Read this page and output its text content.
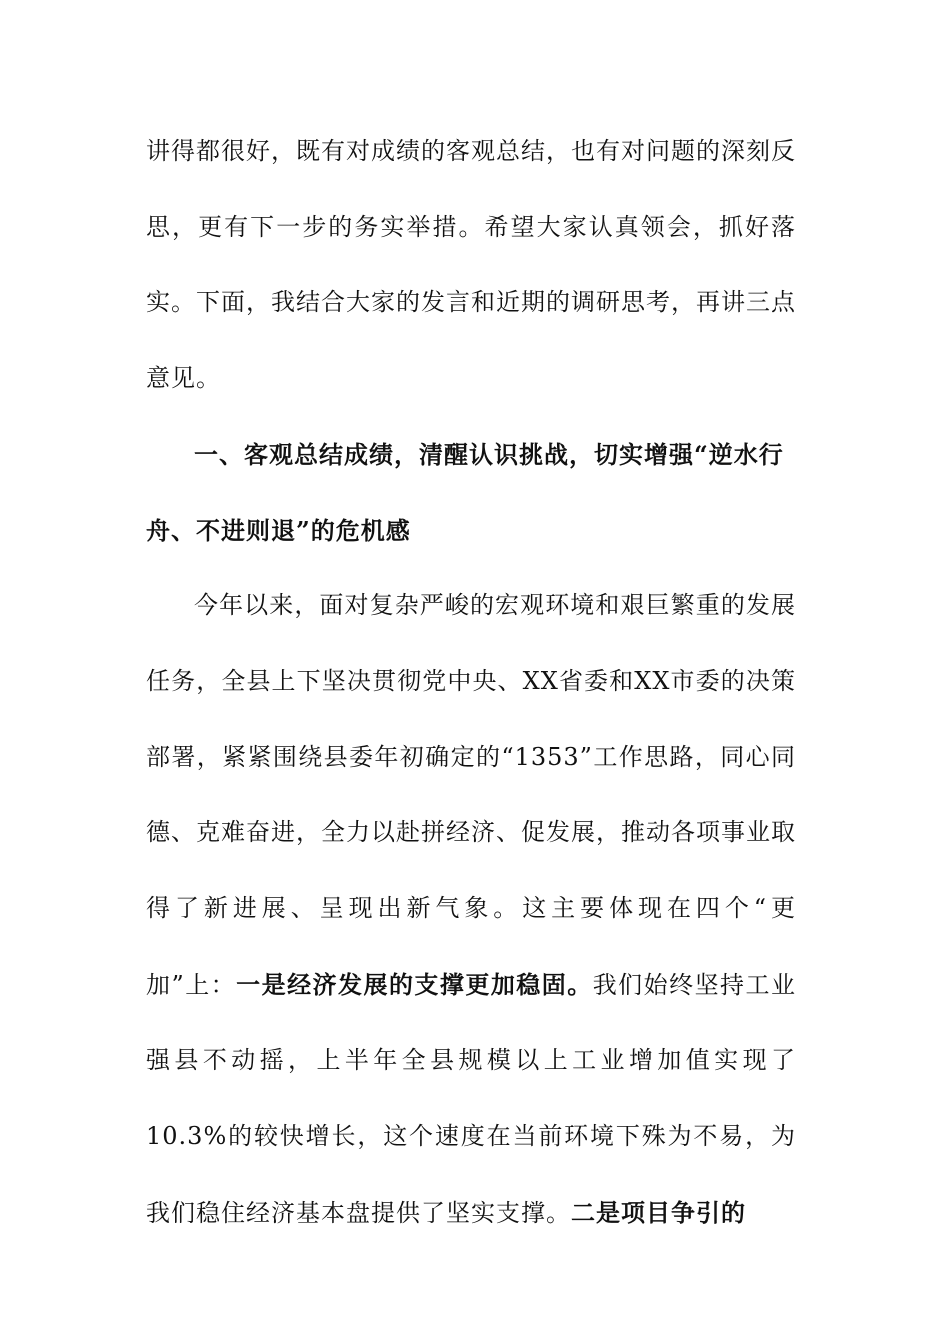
讲得都很好，既有对成绩的客观总结，也有对问题的深刻反思，更有下一步的务实举措。希望大家认真领会，抓好落实。下面，我结合大家的发言和近期的调研思考，再讲三点意见。

一、客观总结成绩，清醒认识挑战，切实增强“逆水行舟、不进则退”的危机感

今年以来，面对复杂严峻的宏观环境和艰巨繁重的发展任务，全县上下坚决贯彻党中央、XX省委和XX市委的决策部署，紧紧围绕县委年初确定的“1353”工作思路，同心同德、克难奋进，全力以赴拼经济、促发展，推动各项事业取得了新进展、呈现出新气象。这主要体现在四个“更加”上：一是经济发展的支撑更加稳固。我们始终坚持工业强县不动摇，上半年全县规模以上工业增加值实现了10.3%的较快增长，这个速度在当前环境下殊为不易，为我们稳住经济基本盘提供了坚实支撑。二是项目争引的
